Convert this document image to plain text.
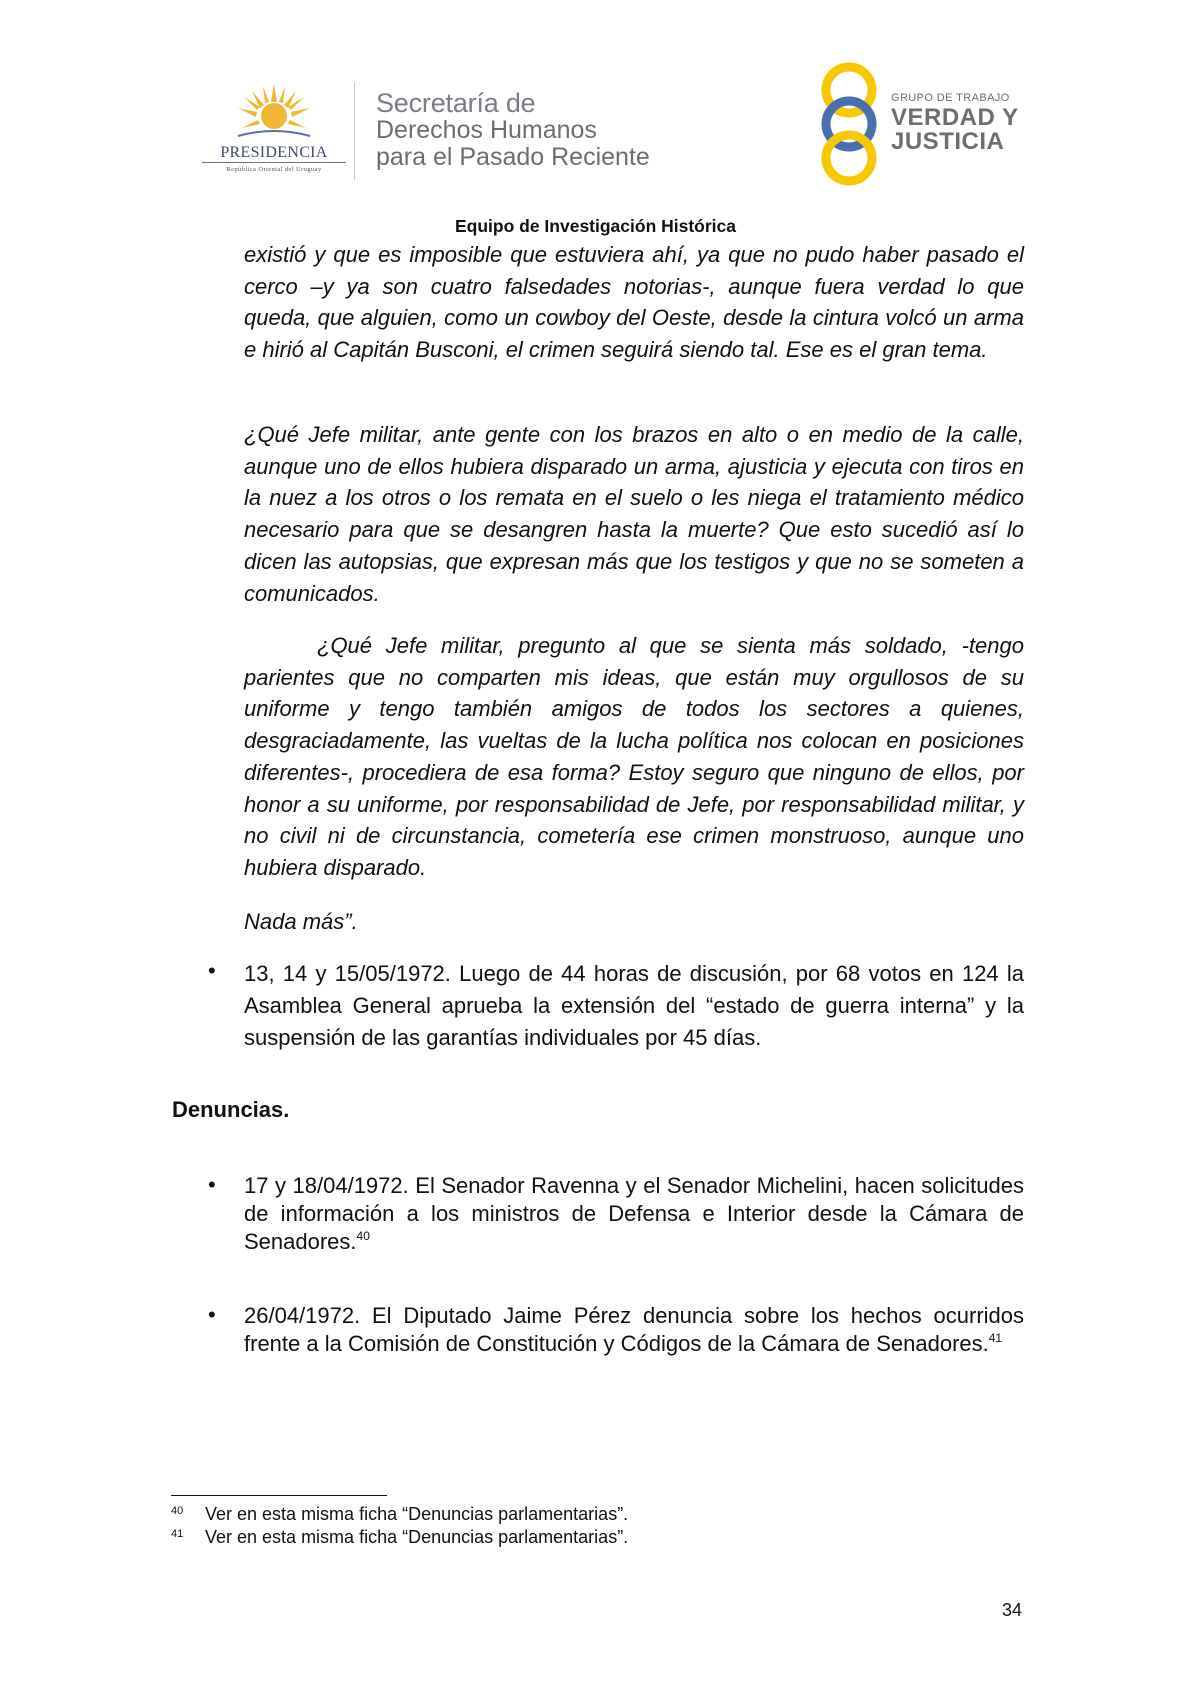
PRESIDENCIA
República Oriental del Uruguay
Secretaría de
Derechos Humanos
para el Pasado Reciente
GRUPO DE TRABAJO
VERDAD Y
JUSTICIA
Equipo de Investigación Histórica
existió y que es imposible que estuviera ahí, ya que no pudo haber pasado el cerco –y ya son cuatro falsedades notorias-, aunque fuera verdad lo que queda, que alguien, como un cowboy del Oeste, desde la cintura volcó un arma e hirió al Capitán Busconi, el crimen seguirá siendo tal. Ese es el gran tema.
¿Qué Jefe militar, ante gente con los brazos en alto o en medio de la calle, aunque uno de ellos hubiera disparado un arma, ajusticia y ejecuta con tiros en la nuez a los otros o los remata en el suelo o les niega el tratamiento médico necesario para que se desangren hasta la muerte? Que esto sucedió así lo dicen las autopsias, que expresan más que los testigos y que no se someten a comunicados.
¿Qué Jefe militar, pregunto al que se sienta más soldado, -tengo parientes que no comparten mis ideas, que están muy orgullosos de su uniforme y tengo también amigos de todos los sectores a quienes, desgraciadamente, las vueltas de la lucha política nos colocan en posiciones diferentes-, procediera de esa forma? Estoy seguro que ninguno de ellos, por honor a su uniforme, por responsabilidad de Jefe, por responsabilidad militar, y no civil ni de circunstancia, cometería ese crimen monstruoso, aunque uno hubiera disparado.
Nada más”.
• 13, 14 y 15/05/1972. Luego de 44 horas de discusión, por 68 votos en 124 la Asamblea General aprueba la extensión del “estado de guerra interna” y la suspensión de las garantías individuales por 45 días.
Denuncias.
• 17 y 18/04/1972. El Senador Ravenna y el Senador Michelini, hacen solicitudes de información a los ministros de Defensa e Interior desde la Cámara de Senadores.$^{40}$
• 26/04/1972. El Diputado Jaime Pérez denuncia sobre los hechos ocurridos frente a la Comisión de Constitución y Códigos de la Cámara de Senadores.$^{41}$
40 Ver en esta misma ficha “Denuncias parlamentarias”.
41 Ver en esta misma ficha “Denuncias parlamentarias”.
34
